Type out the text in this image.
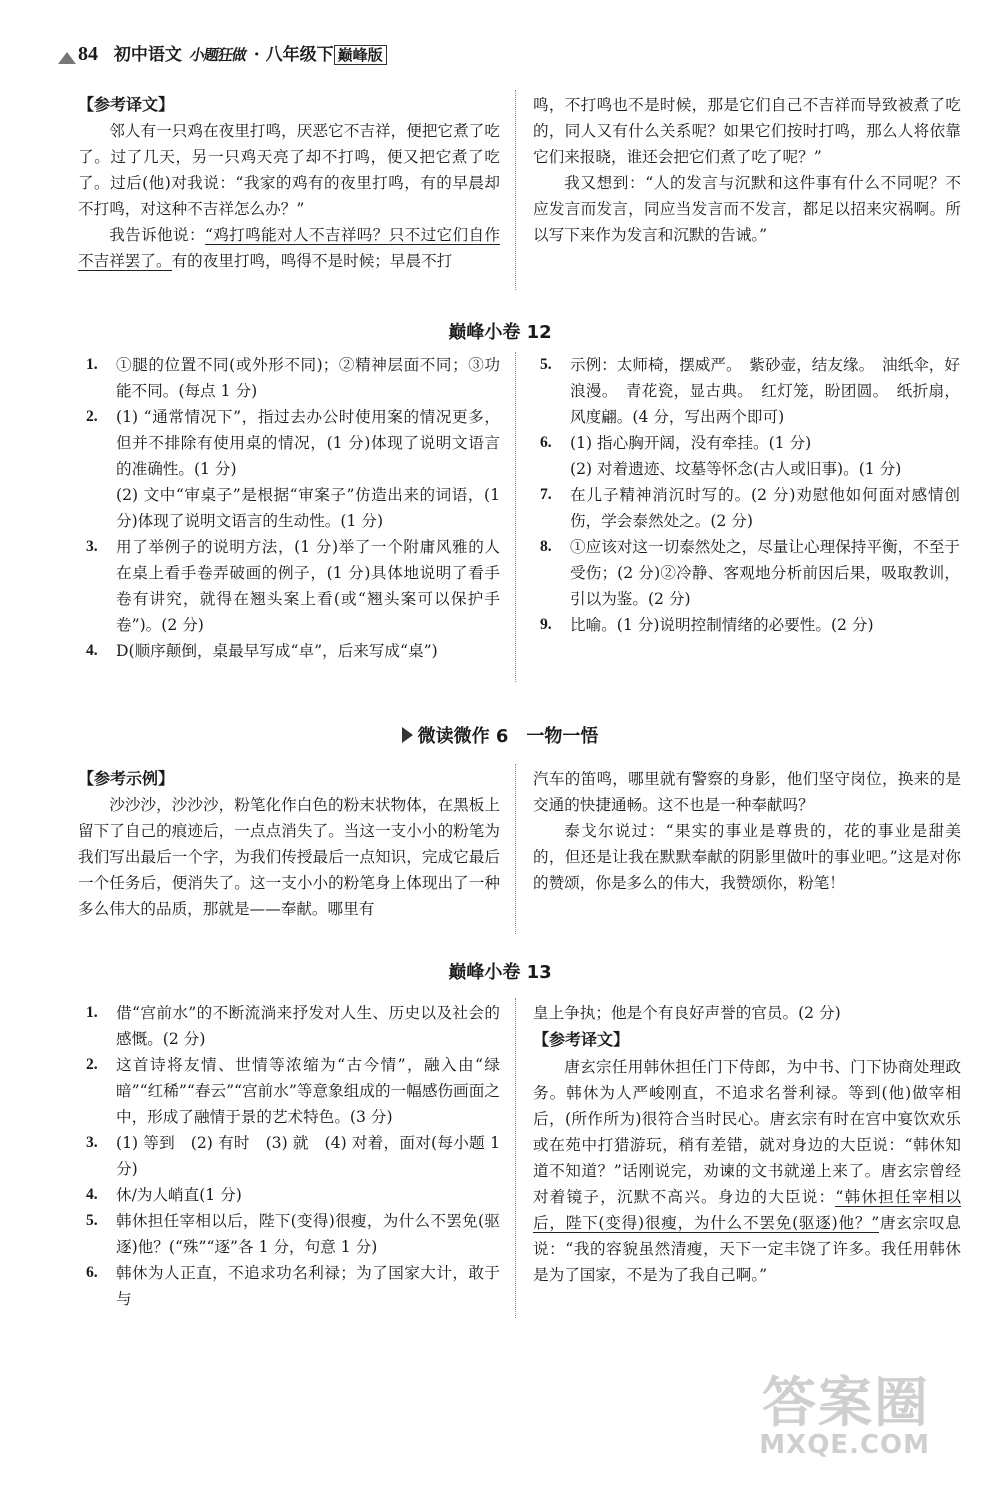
84 初中语文 小题狂做 · 八年级下 巅峰版
【参考译文】

邻人有一只鸡在夜里打鸣，厌恶它不吉祥，便把它煮了吃了。过了几天，另一只鸡天亮了却不打鸣，便又把它煮了吃了。过后(他)对我说：“我家的鸡有的夜里打鸣，有的早晨却不打鸣，对这种不吉祥怎么办？”

我告诉他说：“鸡打鸣能对人不吉祥吗？只不过它们自作不吉祥罢了。有的夜里打鸣，鸣得不是时候；早晨不打

鸣，不打鸣也不是时候，那是它们自己不吉祥而导致被煮了吃的，同人又有什么关系呢？如果它们按时打鸣，那么人将依靠它们来报晓，谁还会把它们煮了吃了呢？”

我又想到：“人的发言与沉默和这件事有什么不同呢？不应发言而发言，同应当发言而不发言，都足以招来灾祸啊。所以写下来作为发言和沉默的告诫。”

巅峰小卷 12
1. ①腿的位置不同(或外形不同)；②精神层面不同；③功能不同。(每点 1 分)
2. (1) “通常情况下”，指过去办公时使用案的情况更多，但并不排除有使用桌的情况，(1 分)体现了说明文语言的准确性。(1 分)
(2) 文中“审桌子”是根据“审案子”仿造出来的词语，(1 分)体现了说明文语言的生动性。(1 分)
3. 用了举例子的说明方法，(1 分)举了一个附庸风雅的人在桌上看手卷弄破画的例子，(1 分)具体地说明了看手卷有讲究，就得在翘头案上看(或“翘头案可以保护手卷”)。(2 分)
4. D(顺序颠倒，桌最早写成“卓”，后来写成“桌”)
5. 示例：太师椅，摆威严。　紫砂壶，结友缘。　油纸伞，好浪漫。　青花瓷，显古典。　红灯笼，盼团圆。　纸折扇，风度翩。(4 分，写出两个即可)
6. (1) 指心胸开阔，没有牵挂。(1 分)
(2) 对着遗迹、坟墓等怀念(古人或旧事)。(1 分)
7. 在儿子精神消沉时写的。(2 分)劝慰他如何面对感情创伤，学会泰然处之。(2 分)
8. ①应该对这一切泰然处之，尽量让心理保持平衡，不至于受伤；(2 分)②冷静、客观地分析前因后果，吸取教训，引以为鉴。(2 分)
9. 比喻。(1 分)说明控制情绪的必要性。(2 分)
微读微作 6　一物一悟
【参考示例】

沙沙沙，沙沙沙，粉笔化作白色的粉末状物体，在黑板上留下了自己的痕迹后，一点点消失了。当这一支小小的粉笔为我们写出最后一个字，为我们传授最后一点知识，完成它最后一个任务后，便消失了。这一支小小的粉笔身上体现出了一种多么伟大的品质，那就是——奉献。哪里有

汽车的笛鸣，哪里就有警察的身影，他们坚守岗位，换来的是交通的快捷通畅。这不也是一种奉献吗？

泰戈尔说过：“果实的事业是尊贵的，花的事业是甜美的，但还是让我在默默奉献的阴影里做叶的事业吧。”这是对你的赞颂，你是多么的伟大，我赞颂你，粉笔！

巅峰小卷 13
1. 借“宫前水”的不断流淌来抒发对人生、历史以及社会的感慨。(2 分)
2. 这首诗将友情、世情等浓缩为“古今情”，融入由“绿暗”“红稀”“春云”“宫前水”等意象组成的一幅感伤画面之中，形成了融情于景的艺术特色。(3 分)
3. (1) 等到　(2) 有时　(3) 就　(4) 对着，面对(每小题 1 分)
4. 休/为人峭直(1 分)
5. 韩休担任宰相以后，陛下(变得)很瘦，为什么不罢免(驱逐)他？(“殊”“逐”各 1 分，句意 1 分)
6. 韩休为人正直，不追求功名利禄；为了国家大计，敢于与

皇上争执；他是个有良好声誉的官员。(2 分)

【参考译文】

唐玄宗任用韩休担任门下侍郎，为中书、门下协商处理政务。韩休为人严峻刚直，不追求名誉利禄。等到(他)做宰相后，(所作所为)很符合当时民心。唐玄宗有时在宫中宴饮欢乐或在苑中打猎游玩，稍有差错，就对身边的大臣说：“韩休知道不知道？”话刚说完，劝谏的文书就递上来了。唐玄宗曾经对着镜子，沉默不高兴。身边的大臣说：“韩休担任宰相以后，陛下(变得)很瘦，为什么不罢免(驱逐)他？”唐玄宗叹息说：“我的容貌虽然清瘦，天下一定丰饶了许多。我任用韩休是为了国家，不是为了我自己啊。”

答案圈
MXQE.COM
